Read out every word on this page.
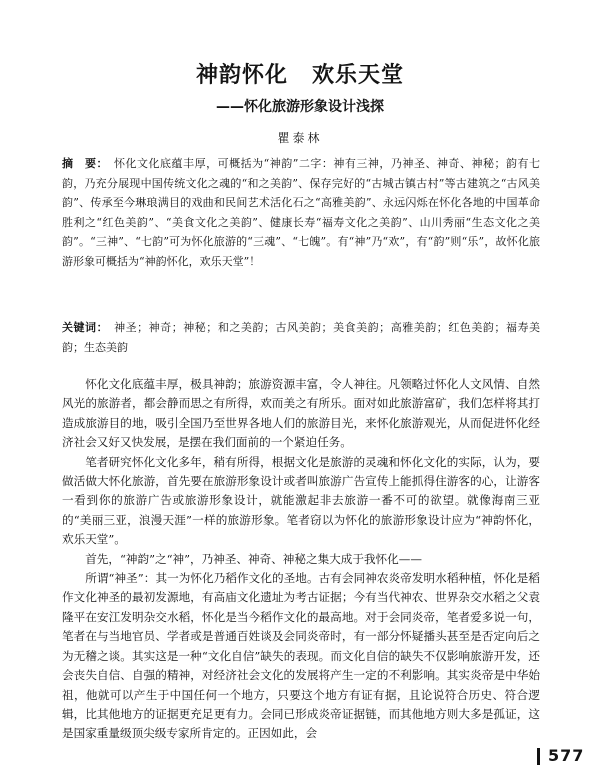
神韵怀化 欢乐天堂
——怀化旅游形象设计浅探

瞿泰林

摘　要： 怀化文化底蕴丰厚，可概括为“神韵”二字：神有三神，乃神圣、神奇、神秘；韵有七韵，乃充分展现中国传统文化之魂的“和之美韵”、保存完好的“古城古镇古村”等古建筑之“古风美韵”、传承至今琳琅满目的戏曲和民间艺术活化石之“高雅美韵”、永远闪烁在怀化各地的中国革命胜利之“红色美韵”、“美食文化之美韵”、健康长寿“福寿文化之美韵”、山川秀丽“生态文化之美韵”。“三神”、“七韵”可为怀化旅游的“三魂”、“七魄”。有“神”乃“欢”，有“韵”则“乐”，故怀化旅游形象可概括为“神韵怀化，欢乐天堂”！

关键词： 神圣；神奇；神秘；和之美韵；古风美韵；美食美韵；高雅美韵；红色美韵；福寿美韵；生态美韵

怀化文化底蕴丰厚，极具神韵；旅游资源丰富，令人神往。凡领略过怀化人文风情、自然风光的旅游者，都会静而思之有所得，欢而美之有所乐。面对如此旅游富矿，我们怎样将其打造成旅游目的地，吸引全国乃至世界各地人们的旅游目光，来怀化旅游观光，从而促进怀化经济社会又好又快发展，是摆在我们面前的一个紧迫任务。

笔者研究怀化文化多年，稍有所得，根据文化是旅游的灵魂和怀化文化的实际，认为，要做活做大怀化旅游，首先要在旅游形象设计或者叫旅游广告宣传上能抓得住游客的心，让游客一看到你的旅游广告或旅游形象设计，就能激起非去旅游一番不可的欲望。就像海南三亚的“美丽三亚，浪漫天涯”一样的旅游形象。笔者窃以为怀化的旅游形象设计应为“神韵怀化，欢乐天堂”。

首先，“神韵”之“神”，乃神圣、神奇、神秘之集大成于我怀化——

所谓“神圣”：其一为怀化乃稻作文化的圣地。古有会同神农炎帝发明水稻种植，怀化是稻作文化神圣的最初发源地，有高庙文化遗址为考古证据；今有当代神农、世界杂交水稻之父袁隆平在安江发明杂交水稻，怀化是当今稻作文化的最高地。对于会同炎帝，笔者爱多说一句，笔者在与当地官员、学者或是普通百姓谈及会同炎帝时，有一部分怀疑播头甚至是否定向后之为无稽之谈。其实这是一种“文化自信”缺失的表现。而文化自信的缺失不仅影响旅游开发，还会丧失自信、自强的精神，对经济社会文化的发展将产生一定的不利影响。其实炎帝是中华始祖，他就可以产生于中国任何一个地方，只要这个地方有证有据，且论说符合历史、符合逻辑，比其他地方的证据更充足更有力。会同已形成炎帝证据链，而其他地方则大多是孤证，这是国家重量级顶尖级专家所肯定的。正因如此，会

577
